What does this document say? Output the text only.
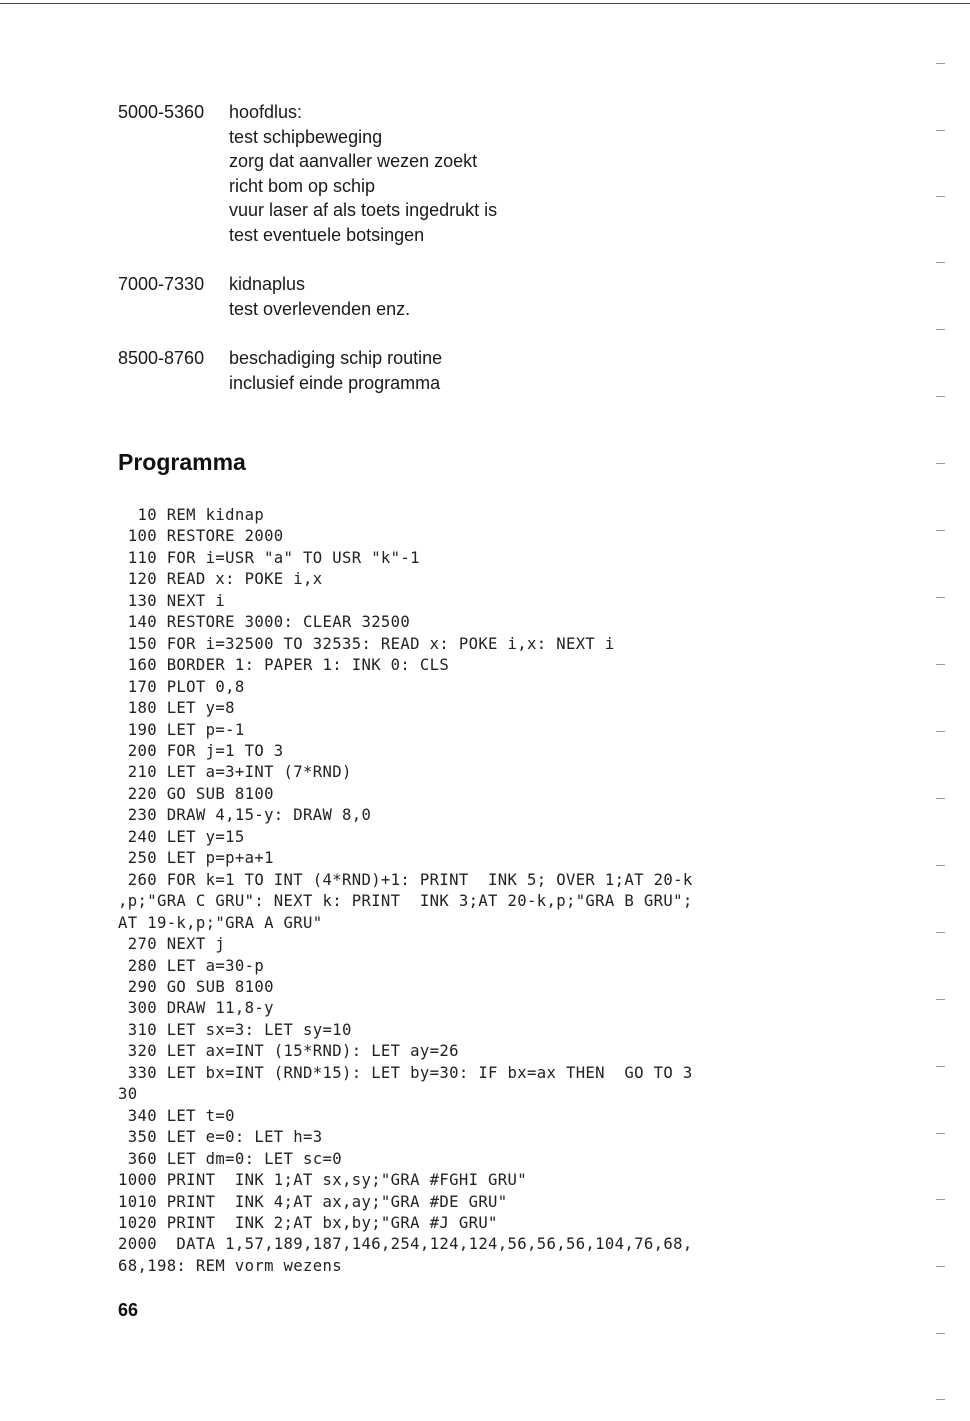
5000-5360	hoofdlus:
test schipbeweging
zorg dat aanvaller wezen zoekt
richt bom op schip
vuur laser af als toets ingedrukt is
test eventuele botsingen
7000-7330	kidnaplus
test overlevenden enz.
8500-8760	beschadiging schip routine
inclusief einde programma
Programma
10 REM kidnap
100 RESTORE 2000
110 FOR i=USR "a" TO USR "k"-1
120 READ x: POKE i,x
130 NEXT i
140 RESTORE 3000: CLEAR 32500
150 FOR i=32500 TO 32535: READ x: POKE i,x: NEXT i
160 BORDER 1: PAPER 1: INK 0: CLS
170 PLOT 0,8
180 LET y=8
190 LET p=-1
200 FOR j=1 TO 3
210 LET a=3+INT (7*RND)
220 GO SUB 8100
230 DRAW 4,15-y: DRAW 8,0
240 LET y=15
250 LET p=p+a+1
260 FOR k=1 TO INT (4*RND)+1: PRINT  INK 5; OVER 1;AT 20-k
,p;"GRA C GRU": NEXT k: PRINT  INK 3;AT 20-k,p;"GRA B GRU";
AT 19-k,p;"GRA A GRU"
270 NEXT j
280 LET a=30-p
290 GO SUB 8100
300 DRAW 11,8-y
310 LET sx=3: LET sy=10
320 LET ax=INT (15*RND): LET ay=26
330 LET bx=INT (RND*15): LET by=30: IF bx=ax THEN  GO TO 3
30
340 LET t=0
350 LET e=0: LET h=3
360 LET dm=0: LET sc=0
1000 PRINT  INK 1;AT sx,sy;"GRA #FGHI GRU"
1010 PRINT  INK 4;AT ax,ay;"GRA #DE GRU"
1020 PRINT  INK 2;AT bx,by;"GRA #J GRU"
2000  DATA 1,57,189,187,146,254,124,124,56,56,56,104,76,68,
68,198: REM vorm wezens
66
